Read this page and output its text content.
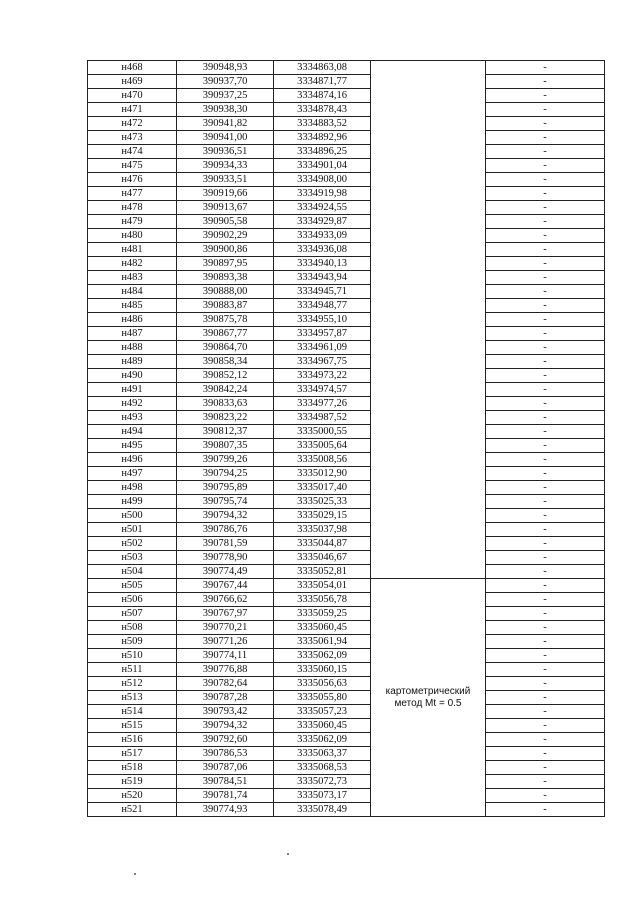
н468	390948,93	3334863,08		-
н469	390937,70	3334871,77		-
н470	390937,25	3334874,16		-
н471	390938,30	3334878,43		-
н472	390941,82	3334883,52		-
н473	390941,00	3334892,96		-
н474	390936,51	3334896,25		-
н475	390934,33	3334901,04		-
н476	390933,51	3334908,00		-
н477	390919,66	3334919,98		-
н478	390913,67	3334924,55		-
н479	390905,58	3334929,87		-
н480	390902,29	3334933,09		-
н481	390900,86	3334936,08		-
н482	390897,95	3334940,13		-
н483	390893,38	3334943,94		-
н484	390888,00	3334945,71		-
н485	390883,87	3334948,77		-
н486	390875,78	3334955,10		-
н487	390867,77	3334957,87		-
н488	390864,70	3334961,09		-
н489	390858,34	3334967,75		-
н490	390852,12	3334973,22		-
н491	390842,24	3334974,57		-
н492	390833,63	3334977,26		-
н493	390823,22	3334987,52		-
н494	390812,37	3335000,55		-
н495	390807,35	3335005,64		-
н496	390799,26	3335008,56		-
н497	390794,25	3335012,90		-
н498	390795,89	3335017,40		-
н499	390795,74	3335025,33		-
н500	390794,32	3335029,15		-
н501	390786,76	3335037,98		-
н502	390781,59	3335044,87		-
н503	390778,90	3335046,67		-
н504	390774,49	3335052,81		-
н505	390767,44	3335054,01	картометрический метод Mt = 0.5	-
н506	390766,62	3335056,78		-
н507	390767,97	3335059,25		-
н508	390770,21	3335060,45		-
н509	390771,26	3335061,94		-
н510	390774,11	3335062,09		-
н511	390776,88	3335060,15		-
н512	390782,64	3335056,63		-
н513	390787,28	3335055,80		-
н514	390793,42	3335057,23		-
н515	390794,32	3335060,45		-
н516	390792,60	3335062,09		-
н517	390786,53	3335063,37		-
н518	390787,06	3335068,53		-
н519	390784,51	3335072,73		-
н520	390781,74	3335073,17		-
н521	390774,93	3335078,49		-
